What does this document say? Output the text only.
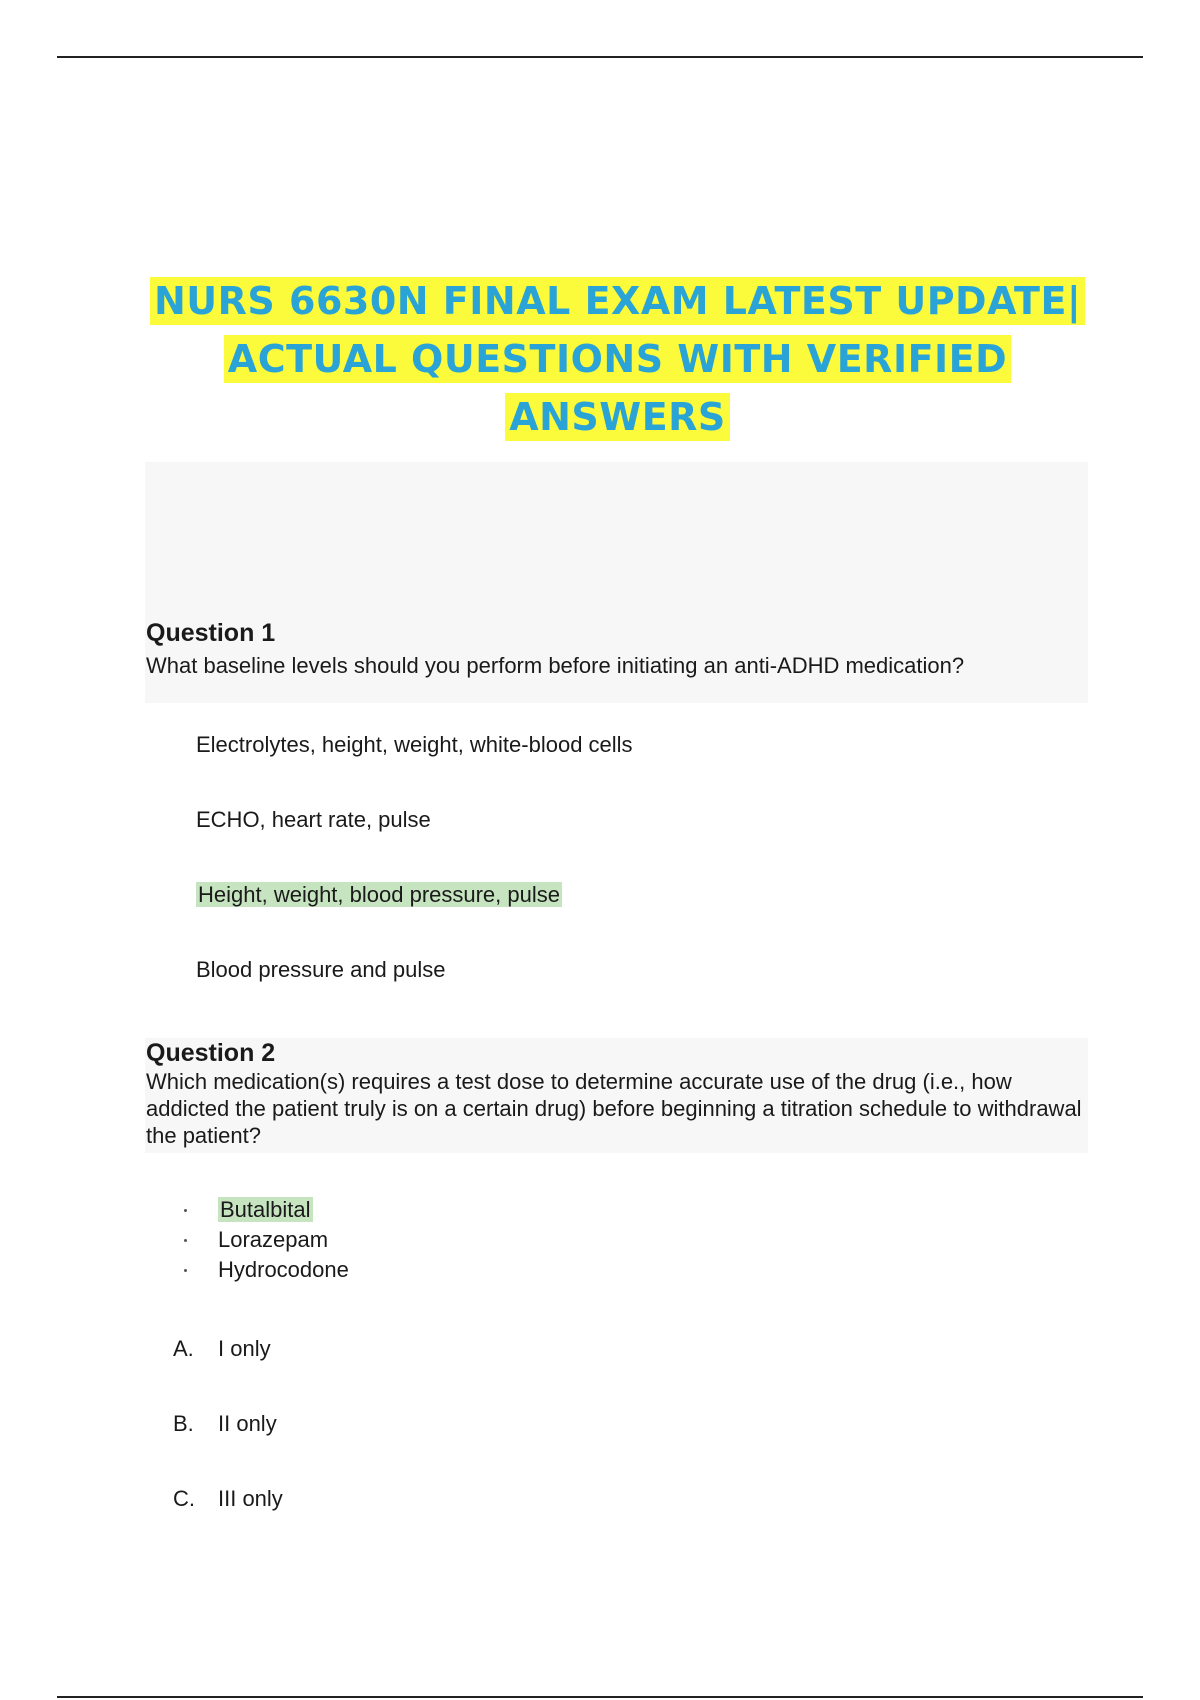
NURS 6630N FINAL EXAM LATEST UPDATE| ACTUAL QUESTIONS WITH VERIFIED ANSWERS
Question 1

What baseline levels should you perform before initiating an anti-ADHD medication?

Electrolytes, height, weight, white-blood cells

ECHO, heart rate, pulse

Height, weight, blood pressure, pulse

Blood pressure and pulse

Question 2

Which medication(s) requires a test dose to determine accurate use of the drug (i.e., how addicted the patient truly is on a certain drug) before beginning a titration schedule to withdrawal the patient?

Butalbital
Lorazepam
Hydrocodone

A. I only

B. II only

C. III only
